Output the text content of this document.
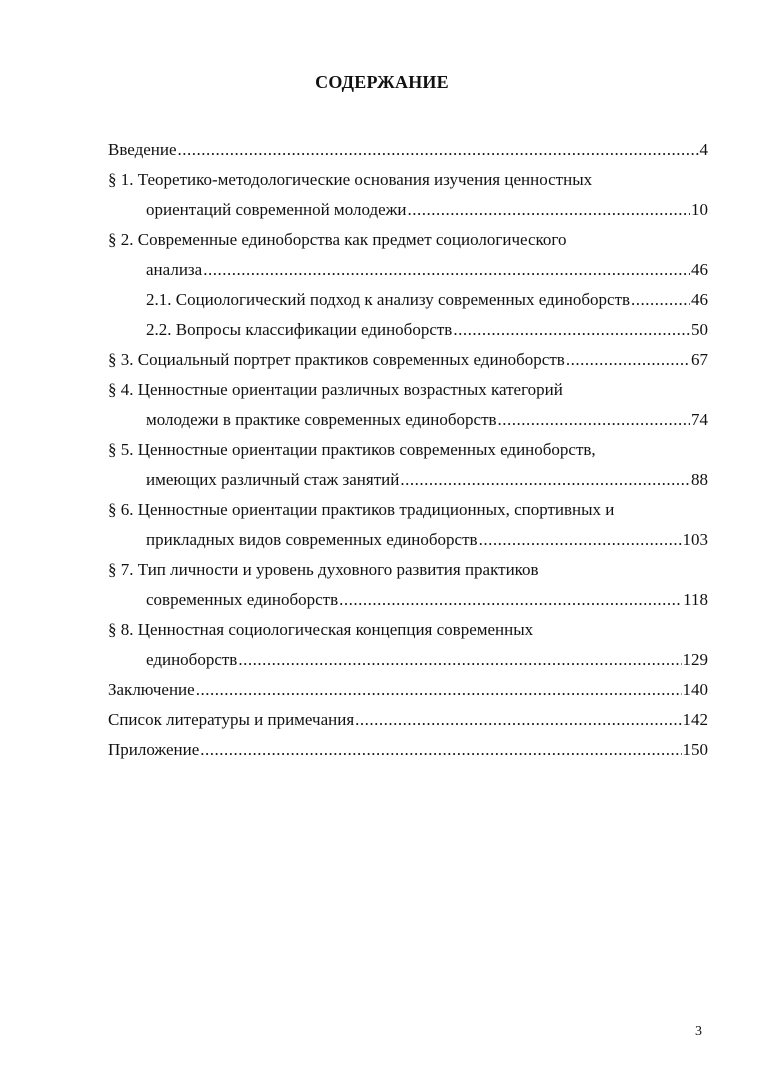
СОДЕРЖАНИЕ
Введение .....	4
§ 1. Теоретико-методологические основания изучения ценностных
ориентаций современной молодежи .....	10
§ 2. Современные единоборства как предмет социологического
анализа .....	46
2.1. Социологический подход к анализу современных единоборств .....	46
2.2. Вопросы классификации единоборств .....	50
§ 3. Социальный портрет практиков современных единоборств .....	67
§ 4. Ценностные ориентации различных возрастных категорий
молодежи в практике современных единоборств .....	74
§ 5. Ценностные ориентации практиков современных единоборств,
имеющих различный стаж занятий .....	88
§ 6. Ценностные ориентации практиков традиционных, спортивных и
прикладных видов современных единоборств .....	103
§ 7. Тип личности и уровень духовного развития практиков
современных единоборств .....	118
§ 8. Ценностная социологическая концепция современных
единоборств .....	129
Заключение .....	140
Список литературы и примечания .....	142
Приложение .....	150
3
